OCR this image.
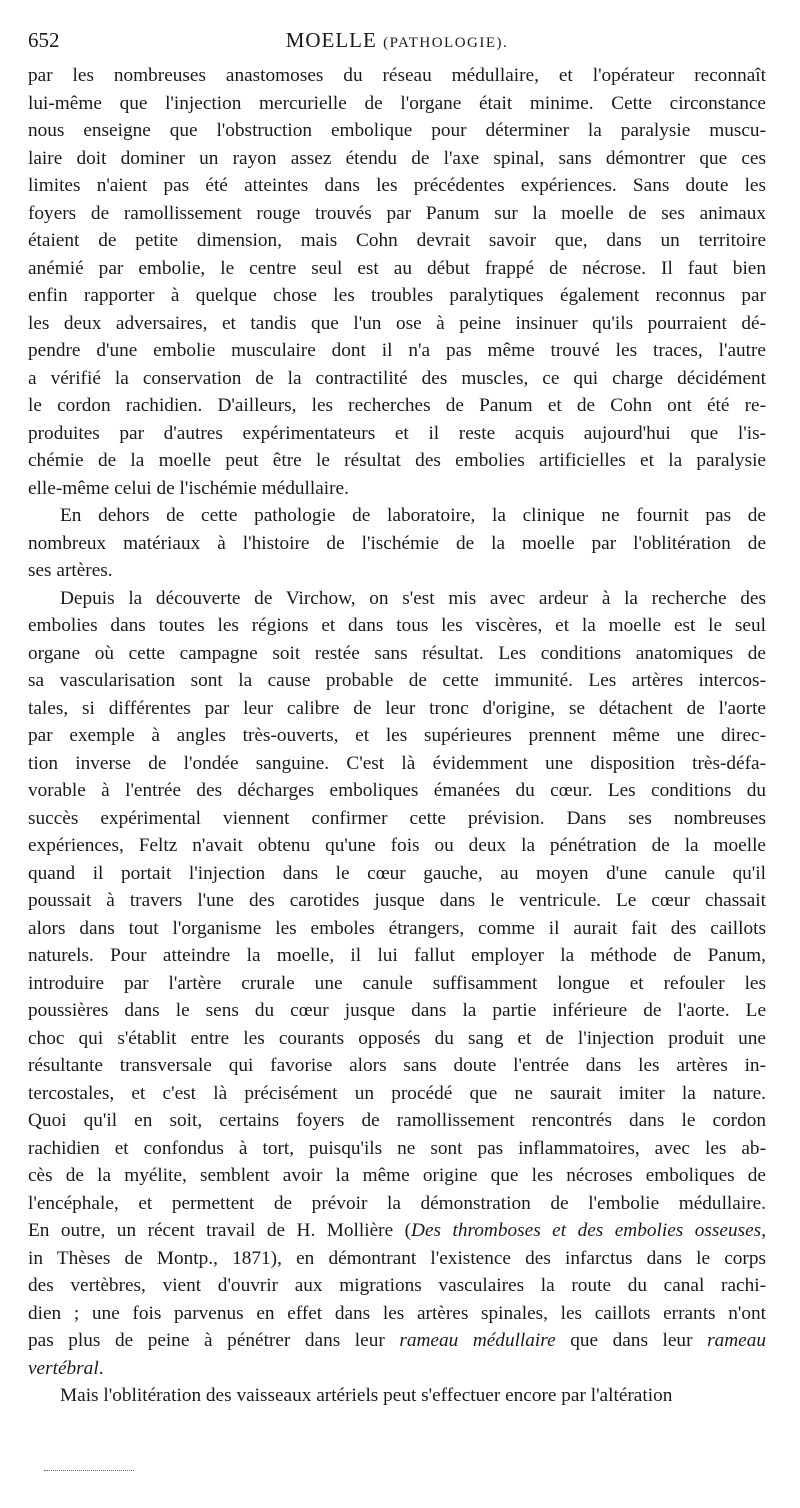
652	MOELLE (PATHOLOGIE).
par les nombreuses anastomoses du réseau médullaire, et l'opérateur reconnaît
lui-même que l'injection mercurielle de l'organe était minime. Cette circonstance
nous enseigne que l'obstruction embolique pour déterminer la paralysie muscu-
laire doit dominer un rayon assez étendu de l'axe spinal, sans démontrer que ces
limites n'aient pas été atteintes dans les précédentes expériences. Sans doute les
foyers de ramollissement rouge trouvés par Panum sur la moelle de ses animaux
étaient de petite dimension, mais Cohn devrait savoir que, dans un territoire
anémié par embolie, le centre seul est au début frappé de nécrose. Il faut bien
enfin rapporter à quelque chose les troubles paralytiques également reconnus par
les deux adversaires, et tandis que l'un ose à peine insinuer qu'ils pourraient dé-
pendre d'une embolie musculaire dont il n'a pas même trouvé les traces, l'autre
a vérifié la conservation de la contractilité des muscles, ce qui charge décidément
le cordon rachidien. D'ailleurs, les recherches de Panum et de Cohn ont été re-
produites par d'autres expérimentateurs et il reste acquis aujourd'hui que l'is-
chémie de la moelle peut être le résultat des embolies artificielles et la paralysie
elle-même celui de l'ischémie médullaire.
En dehors de cette pathologie de laboratoire, la clinique ne fournit pas de
nombreux matériaux à l'histoire de l'ischémie de la moelle par l'oblitération de
ses artères.
Depuis la découverte de Virchow, on s'est mis avec ardeur à la recherche des
embolies dans toutes les régions et dans tous les viscères, et la moelle est le seul
organe où cette campagne soit restée sans résultat. Les conditions anatomiques de
sa vascularisation sont la cause probable de cette immunité. Les artères intercos-
tales, si différentes par leur calibre de leur tronc d'origine, se détachent de l'aorte
par exemple à angles très-ouverts, et les supérieures prennent même une direc-
tion inverse de l'ondée sanguine. C'est là évidemment une disposition très-défa-
vorable à l'entrée des décharges emboliques émanées du cœur. Les conditions du
succès expérimental viennent confirmer cette prévision. Dans ses nombreuses
expériences, Feltz n'avait obtenu qu'une fois ou deux la pénétration de la moelle
quand il portait l'injection dans le cœur gauche, au moyen d'une canule qu'il
poussait à travers l'une des carotides jusque dans le ventricule. Le cœur chassait
alors dans tout l'organisme les emboles étrangers, comme il aurait fait des caillots
naturels. Pour atteindre la moelle, il lui fallut employer la méthode de Panum,
introduire par l'artère crurale une canule suffisamment longue et refouler les
poussières dans le sens du cœur jusque dans la partie inférieure de l'aorte. Le
choc qui s'établit entre les courants opposés du sang et de l'injection produit une
résultante transversale qui favorise alors sans doute l'entrée dans les artères in-
tercostales, et c'est là précisément un procédé que ne saurait imiter la nature.
Quoi qu'il en soit, certains foyers de ramollissement rencontrés dans le cordon
rachidien et confondus à tort, puisqu'ils ne sont pas inflammatoires, avec les ab-
cès de la myélite, semblent avoir la même origine que les nécroses emboliques de
l'encéphale, et permettent de prévoir la démonstration de l'embolie médullaire.
En outre, un récent travail de H. Mollière (Des thromboses et des embolies osseuses,
in Thèses de Montp., 1871), en démontrant l'existence des infarctus dans le corps
des vertèbres, vient d'ouvrir aux migrations vasculaires la route du canal rachi-
dien ; une fois parvenus en effet dans les artères spinales, les caillots errants n'ont
pas plus de peine à pénétrer dans leur rameau médullaire que dans leur rameau
vertébral.
Mais l'oblitération des vaisseaux artériels peut s'effectuer encore par l'altération
